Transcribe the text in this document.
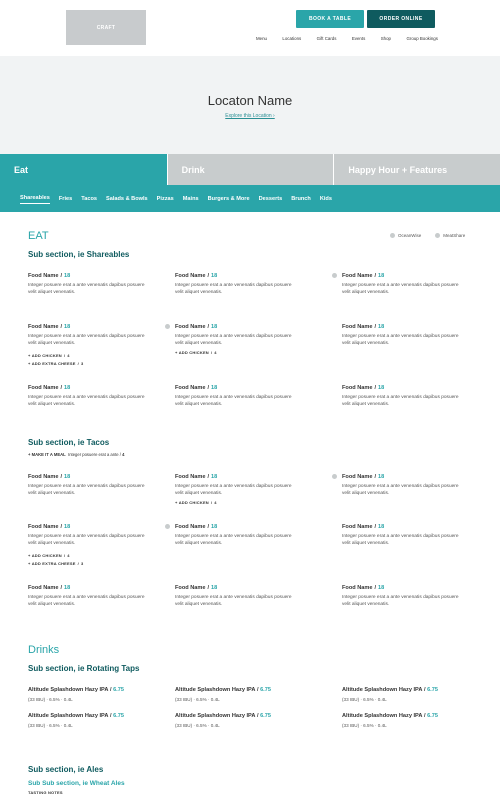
CRAFT
BOOK A TABLE	ORDER ONLINE
Menu	Locations	Gift Cards	Events	Shop	Group Bookings
Locaton Name
Explore this Location ›
Eat	Drink	Happy Hour + Features
Shareables Fries Tacos Salads & Bowls Pizzas Mains Burgers & More Desserts Brunch Kids
EAT	OceanWise	MeatShare
Sub section, ie Shareables
Food Name / 18
Integer posuere erat a ante venenatis dapibus posuere velit aliquet venenatis.
Food Name / 18
Integer posuere erat a ante venenatis dapibus posuere velit aliquet venenatis.
Food Name / 18
Integer posuere erat a ante venenatis dapibus posuere velit aliquet venenatis.
Food Name / 18
Integer posuere erat a ante venenatis dapibus posuere velit aliquet venenatis.
+ ADD CHICKEN / 4
+ ADD EXTRA CHEESE / 3
Food Name / 18
Integer posuere erat a ante venenatis dapibus posuere velit aliquet venenatis.
+ ADD CHICKEN / 4
Food Name / 18
Integer posuere erat a ante venenatis dapibus posuere velit aliquet venenatis.
Food Name / 18
Integer posuere erat a ante venenatis dapibus posuere velit aliquet venenatis.
Food Name / 18
Integer posuere erat a ante venenatis dapibus posuere velit aliquet venenatis.
Food Name / 18
Integer posuere erat a ante venenatis dapibus posuere velit aliquet venenatis.
Sub section, ie Tacos
+ MAKE IT A MEAL Integer posuere erat a ante / 4
Food Name / 18
Integer posuere erat a ante venenatis dapibus posuere velit aliquet venenatis.
Food Name / 18
Integer posuere erat a ante venenatis dapibus posuere velit aliquet venenatis.
+ ADD CHICKEN / 4
Food Name / 18
Integer posuere erat a ante venenatis dapibus posuere velit aliquet venenatis.
Food Name / 18
Integer posuere erat a ante venenatis dapibus posuere velit aliquet venenatis.
+ ADD CHICKEN / 4
+ ADD EXTRA CHEESE / 3
Food Name / 18
Integer posuere erat a ante venenatis dapibus posuere velit aliquet venenatis.
Food Name / 18
Integer posuere erat a ante venenatis dapibus posuere velit aliquet venenatis.
Food Name / 18
Integer posuere erat a ante venenatis dapibus posuere velit aliquet venenatis.
Food Name / 18
Integer posuere erat a ante venenatis dapibus posuere velit aliquet venenatis.
Food Name / 18
Integer posuere erat a ante venenatis dapibus posuere velit aliquet venenatis.
Drinks
Sub section, ie Rotating Taps
Altitude Splashdown Hazy IPA / 6.75
(33 IBU) · 6.5% · 0.4L
Altitude Splashdown Hazy IPA / 6.75
(33 IBU) · 6.5% · 0.4L
Altitude Splashdown Hazy IPA / 6.75
(33 IBU) · 6.5% · 0.4L
Altitude Splashdown Hazy IPA / 6.75
(33 IBU) · 6.5% · 0.4L
Altitude Splashdown Hazy IPA / 6.75
(33 IBU) · 6.5% · 0.4L
Altitude Splashdown Hazy IPA / 6.75
(33 IBU) · 6.5% · 0.4L
Sub section, ie Ales
Sub Sub section, ie Wheat Ales
TASTING NOTES
